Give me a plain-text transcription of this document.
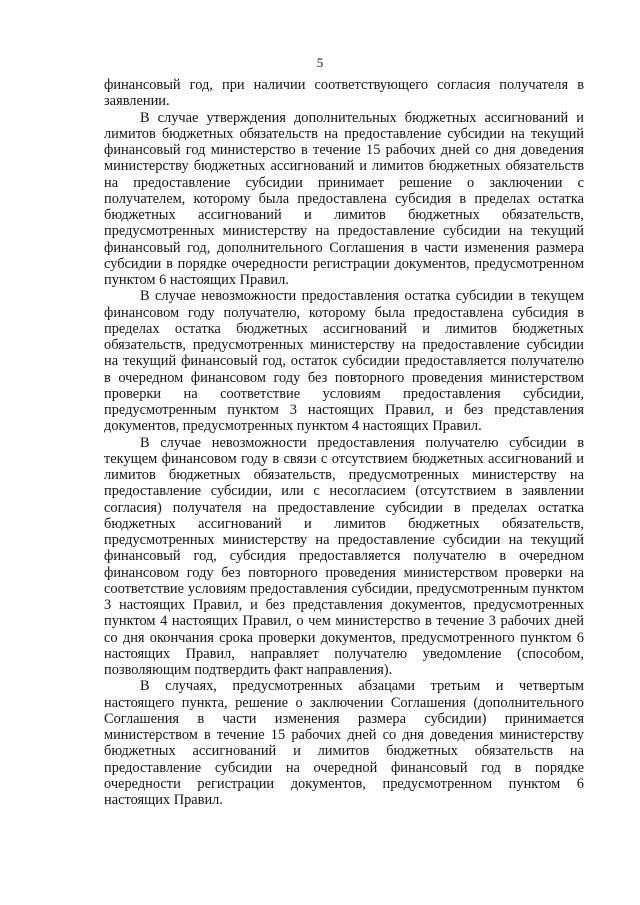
5
финансовый год, при наличии соответствующего согласия получателя в
заявлении.
В случае утверждения дополнительных бюджетных ассигнований и
лимитов бюджетных обязательств на предоставление субсидии на текущий
финансовый год министерство в течение 15 рабочих дней со дня доведения
министерству бюджетных ассигнований и лимитов бюджетных обязательств
на предоставление субсидии принимает решение о заключении с
получателем, которому была предоставлена субсидия в пределах остатка
бюджетных ассигнований и лимитов бюджетных обязательств,
предусмотренных министерству на предоставление субсидии на текущий
финансовый год, дополнительного Соглашения в части изменения размера
субсидии в порядке очередности регистрации документов, предусмотренном
пунктом 6 настоящих Правил.
В случае невозможности предоставления остатка субсидии в текущем
финансовом году получателю, которому была предоставлена субсидия в
пределах остатка бюджетных ассигнований и лимитов бюджетных
обязательств, предусмотренных министерству на предоставление субсидии
на текущий финансовый год, остаток субсидии предоставляется получателю
в очередном финансовом году без повторного проведения министерством
проверки на соответствие условиям предоставления субсидии,
предусмотренным пунктом 3 настоящих Правил, и без представления
документов, предусмотренных пунктом 4 настоящих Правил.
В случае невозможности предоставления получателю субсидии в
текущем финансовом году в связи с отсутствием бюджетных ассигнований и
лимитов бюджетных обязательств, предусмотренных министерству на
предоставление субсидии, или с несогласием (отсутствием в заявлении
согласия) получателя на предоставление субсидии в пределах остатка
бюджетных ассигнований и лимитов бюджетных обязательств,
предусмотренных министерству на предоставление субсидии на текущий
финансовый год, субсидия предоставляется получателю в очередном
финансовом году без повторного проведения министерством проверки на
соответствие условиям предоставления субсидии, предусмотренным пунктом
3 настоящих Правил, и без представления документов, предусмотренных
пунктом 4 настоящих Правил, о чем министерство в течение 3 рабочих дней
со дня окончания срока проверки документов, предусмотренного пунктом 6
настоящих Правил, направляет получателю уведомление (способом,
позволяющим подтвердить факт направления).
В случаях, предусмотренных абзацами третьим и четвертым
настоящего пункта, решение о заключении Соглашения (дополнительного
Соглашения в части изменения размера субсидии) принимается
министерством в течение 15 рабочих дней со дня доведения министерству
бюджетных ассигнований и лимитов бюджетных обязательств на
предоставление субсидии на очередной финансовый год в порядке
очередности регистрации документов, предусмотренном пунктом 6
настоящих Правил.
